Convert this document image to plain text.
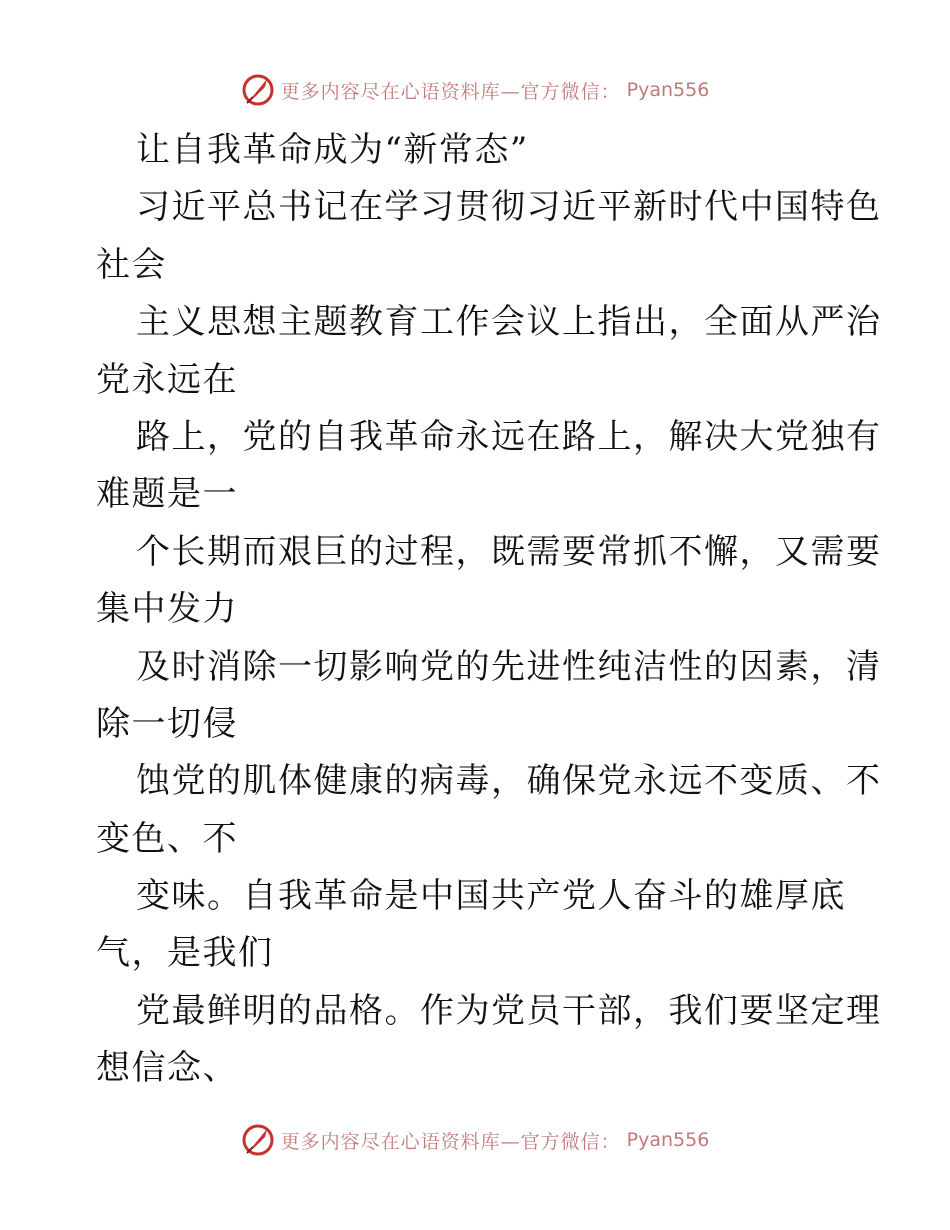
更多内容尽在心语资料库—官方微信： Pyan556
让自我革命成为“新常态”
习近平总书记在学习贯彻习近平新时代中国特色
社会
主义思想主题教育工作会议上指出，全面从严治
党永远在
路上，党的自我革命永远在路上，解决大党独有
难题是一
个长期而艰巨的过程，既需要常抓不懈，又需要
集中发力
及时消除一切影响党的先进性纯洁性的因素，清
除一切侵
蚀党的肌体健康的病毒，确保党永远不变质、不
变色、不
变味。自我革命是中国共产党人奋斗的雄厚底
气，是我们
党最鲜明的品格。作为党员干部，我们要坚定理
想信念、
更多内容尽在心语资料库—官方微信： Pyan556
